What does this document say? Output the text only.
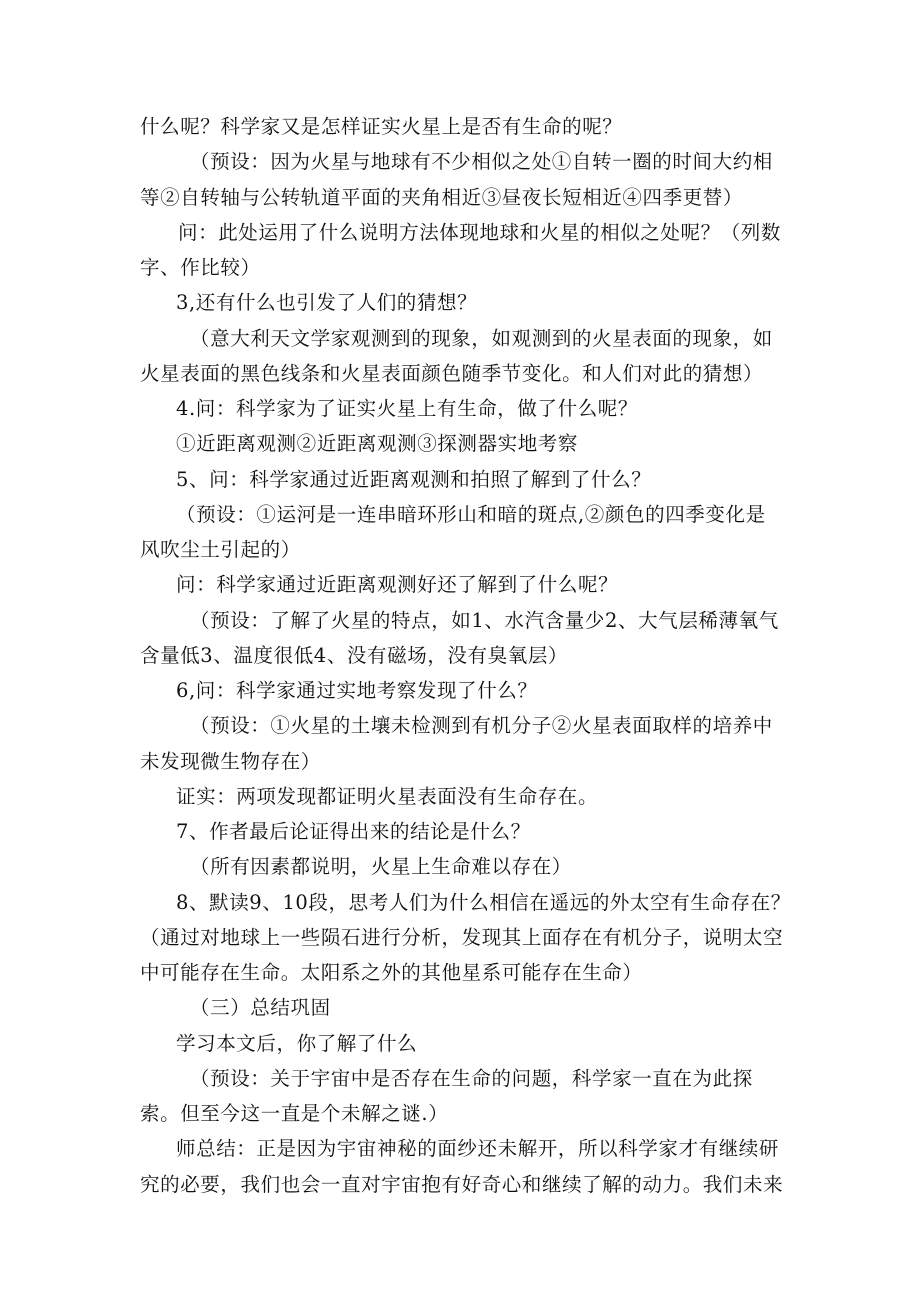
什么呢？科学家又是怎样证实火星上是否有生命的呢？
（预设：因为火星与地球有不少相似之处①自转一圈的时间大约相
等②自转轴与公转轨道平面的夹角相近③昼夜长短相近④四季更替）
问：此处运用了什么说明方法体现地球和火星的相似之处呢？（列数
字、作比较）
3,还有什么也引发了人们的猜想？
（意大利天文学家观测到的现象，如观测到的火星表面的现象，如
火星表面的黑色线条和火星表面颜色随季节变化。和人们对此的猜想）
4.问：科学家为了证实火星上有生命，做了什么呢？
①近距离观测②近距离观测③探测器实地考察
5、问：科学家通过近距离观测和拍照了解到了什么？
（预设：①运河是一连串暗环形山和暗的斑点,②颜色的四季变化是
风吹尘土引起的）
问：科学家通过近距离观测好还了解到了什么呢？
（预设：了解了火星的特点，如1、水汽含量少2、大气层稀薄氧气
含量低3、温度很低4、没有磁场，没有臭氧层）
6,问：科学家通过实地考察发现了什么？
（预设：①火星的土壤未检测到有机分子②火星表面取样的培养中
未发现微生物存在）
证实：两项发现都证明火星表面没有生命存在。
7、作者最后论证得出来的结论是什么？
（所有因素都说明，火星上生命难以存在）
8、默读9、10段，思考人们为什么相信在遥远的外太空有生命存在？
（通过对地球上一些陨石进行分析，发现其上面存在有机分子，说明太空
中可能存在生命。太阳系之外的其他星系可能存在生命）
（三）总结巩固
学习本文后，你了解了什么
（预设：关于宇宙中是否存在生命的问题，科学家一直在为此探
索。但至今这一直是个未解之谜.）
师总结：正是因为宇宙神秘的面纱还未解开，所以科学家才有继续研
究的必要，我们也会一直对宇宙抱有好奇心和继续了解的动力。我们未来
